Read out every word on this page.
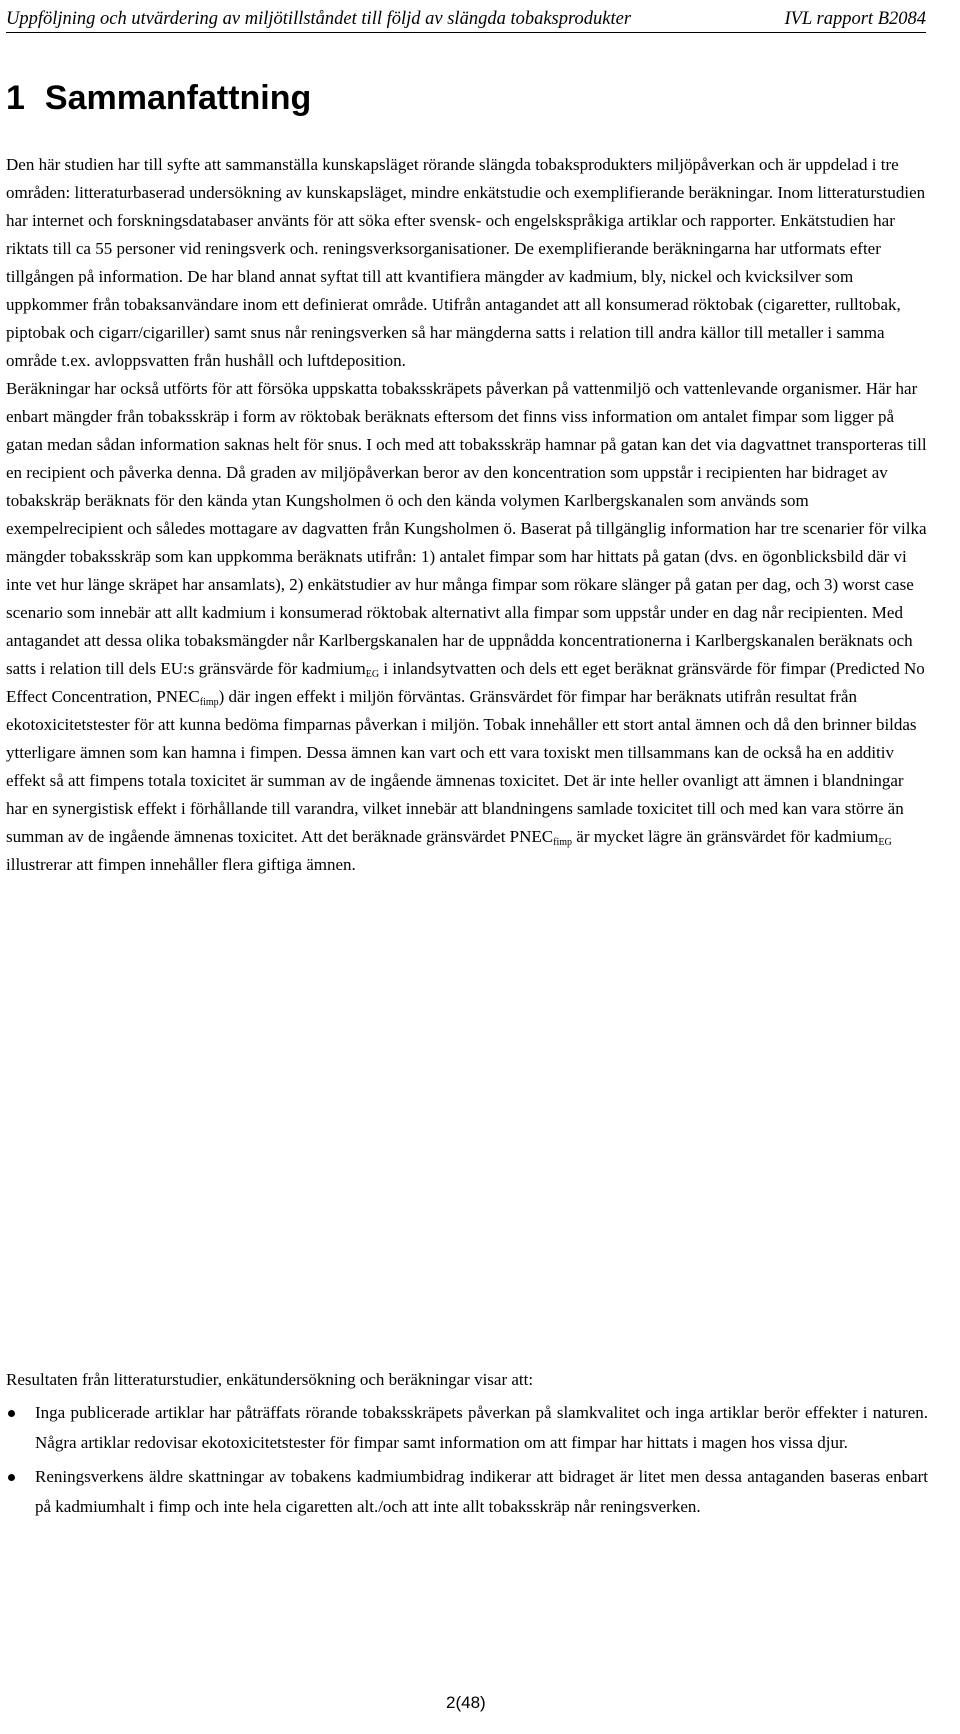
Uppföljning och utvärdering av miljötillståndet till följd av slängda tobaksprodukter	IVL rapport B2084
1 Sammanfattning
Den här studien har till syfte att sammanställa kunskapsläget rörande slängda tobaksprodukters miljöpåverkan och är uppdelad i tre områden: litteraturbaserad undersökning av kunskapsläget, mindre enkätstudie och exemplifierande beräkningar. Inom litteraturstudien har internet och forskningsdatabaser använts för att söka efter svensk- och engelskspråkiga artiklar och rapporter. Enkätstudien har riktats till ca 55 personer vid reningsverk och. reningsverksorganisationer. De exemplifierande beräkningarna har utformats efter tillgången på information. De har bland annat syftat till att kvantifiera mängder av kadmium, bly, nickel och kvicksilver som uppkommer från tobaksanvändare inom ett definierat område. Utifrån antagandet att all konsumerad röktobak (cigaretter, rulltobak, piptobak och cigarr/cigariller) samt snus når reningsverken så har mängderna satts i relation till andra källor till metaller i samma område t.ex. avloppsvatten från hushåll och luftdeposition.
Beräkningar har också utförts för att försöka uppskatta tobaksskräpets påverkan på vattenmiljö och vattenlevande organismer. Här har enbart mängder från tobaksskräp i form av röktobak beräknats eftersom det finns viss information om antalet fimpar som ligger på gatan medan sådan information saknas helt för snus. I och med att tobaksskräp hamnar på gatan kan det via dagvattnet transporteras till en recipient och påverka denna. Då graden av miljöpåverkan beror av den koncentration som uppstår i recipienten har bidraget av tobakskräp beräknats för den kända ytan Kungsholmen ö och den kända volymen Karlbergskanalen som används som exempelrecipient och således mottagare av dagvatten från Kungsholmen ö. Baserat på tillgänglig information har tre scenarier för vilka mängder tobaksskräp som kan uppkomma beräknats utifrån: 1) antalet fimpar som har hittats på gatan (dvs. en ögonblicksbild där vi inte vet hur länge skräpet har ansamlats), 2) enkätstudier av hur många fimpar som rökare slänger på gatan per dag, och 3) worst case scenario som innebär att allt kadmium i konsumerad röktobak alternativt alla fimpar som uppstår under en dag når recipienten. Med antagandet att dessa olika tobaksmängder når Karlbergskanalen har de uppnådda koncentrationerna i Karlbergskanalen beräknats och satts i relation till dels EU:s gränsvärde för kadmium$_{EG}$ i inlandsytvatten och dels ett eget beräknat gränsvärde för fimpar (Predicted No Effect Concentration, $PNEC_{fimp}$) där ingen effekt i miljön förväntas. Gränsvärdet för fimpar har beräknats utifrån resultat från ekotoxicitetstester för att kunna bedöma fimparnas påverkan i miljön. Tobak innehåller ett stort antal ämnen och då den brinner bildas ytterligare ämnen som kan hamna i fimpen. Dessa ämnen kan vart och ett vara toxiskt men tillsammans kan de också ha en additiv effekt så att fimpens totala toxicitet är summan av de ingående ämnenas toxicitet. Det är inte heller ovanligt att ämnen i blandningar har en synergistisk effekt i förhållande till varandra, vilket innebär att blandningens samlade toxicitet till och med kan vara större än summan av de ingående ämnenas toxicitet. Att det beräknade gränsvärdet $PNEC_{fimp}$ är mycket lägre än gränsvärdet för kadmium$_{EG}$ illustrerar att fimpen innehåller flera giftiga ämnen.

Resultaten från litteraturstudier, enkätundersökning och beräkningar visar att:

Inga publicerade artiklar har påträffats rörande tobaksskräpets påverkan på slamkvalitet och inga artiklar berör effekter i naturen. Några artiklar redovisar ekotoxicitetstester för fimpar samt information om att fimpar har hittats i magen hos vissa djur.
Reningsverkens äldre skattningar av tobakens kadmiumbidrag indikerar att bidraget är litet men dessa antaganden baseras enbart på kadmiumhalt i fimp och inte hela cigaretten alt./och att inte allt tobaksskräp når reningsverken.
2(48)
